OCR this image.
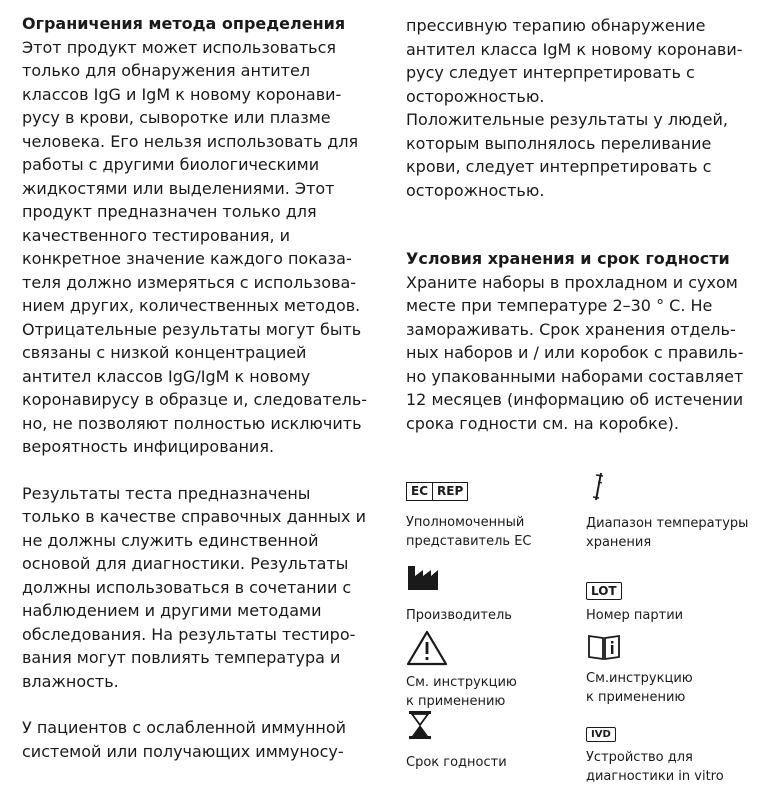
Ограничения метода определения

Этот продукт может использоваться

только для обнаружения антител

классов IgG и IgM к новому коронави-

русу в крови, сыворотке или плазме

человека. Его нельзя использовать для

работы с другими биологическими

жидкостями или выделениями. Этот

продукт предназначен только для

качественного тестирования, и

конкретное значение каждого показа-

теля должно измеряться с использова-

нием других, количественных методов.

Отрицательные результаты могут быть

связаны с низкой концентрацией

антител классов IgG/IgM к новому

коронавирусу в образце и, следователь-

но, не позволяют полностью исключить

вероятность инфицирования.

Результаты теста предназначены

только в качестве справочных данных и

не должны служить единственной

основой для диагностики. Результаты

должны использоваться в сочетании с

наблюдением и другими методами

обследования. На результаты тестиро-

вания могут повлиять температура и

влажность.

У пациентов с ослабленной иммунной

системой или получающих иммуносу-

прессивную терапию обнаружение

антител класса IgM к новому коронави-

русу следует интерпретировать с

осторожностью.

Положительные результаты у людей,

которым выполнялось переливание

крови, следует интерпретировать с

осторожностью.

Условия хранения и срок годности

Храните наборы в прохладном и сухом

месте при температуре 2–30 ° C. Не

замораживать. Срок хранения отдель-

ных наборов и / или коробок с правиль-

но упакованными наборами составляет

12 месяцев (информацию об истечении

срока годности см. на коробке).

EC REP
Уполномоченный
представитель ЕС
Диапазон температуры
хранения
Производитель
LOT
Номер партии
См. инструкцию
к применению
См.инструкцию
к применению
Срок годности
IVD
Устройство для
диагностики in vitro
